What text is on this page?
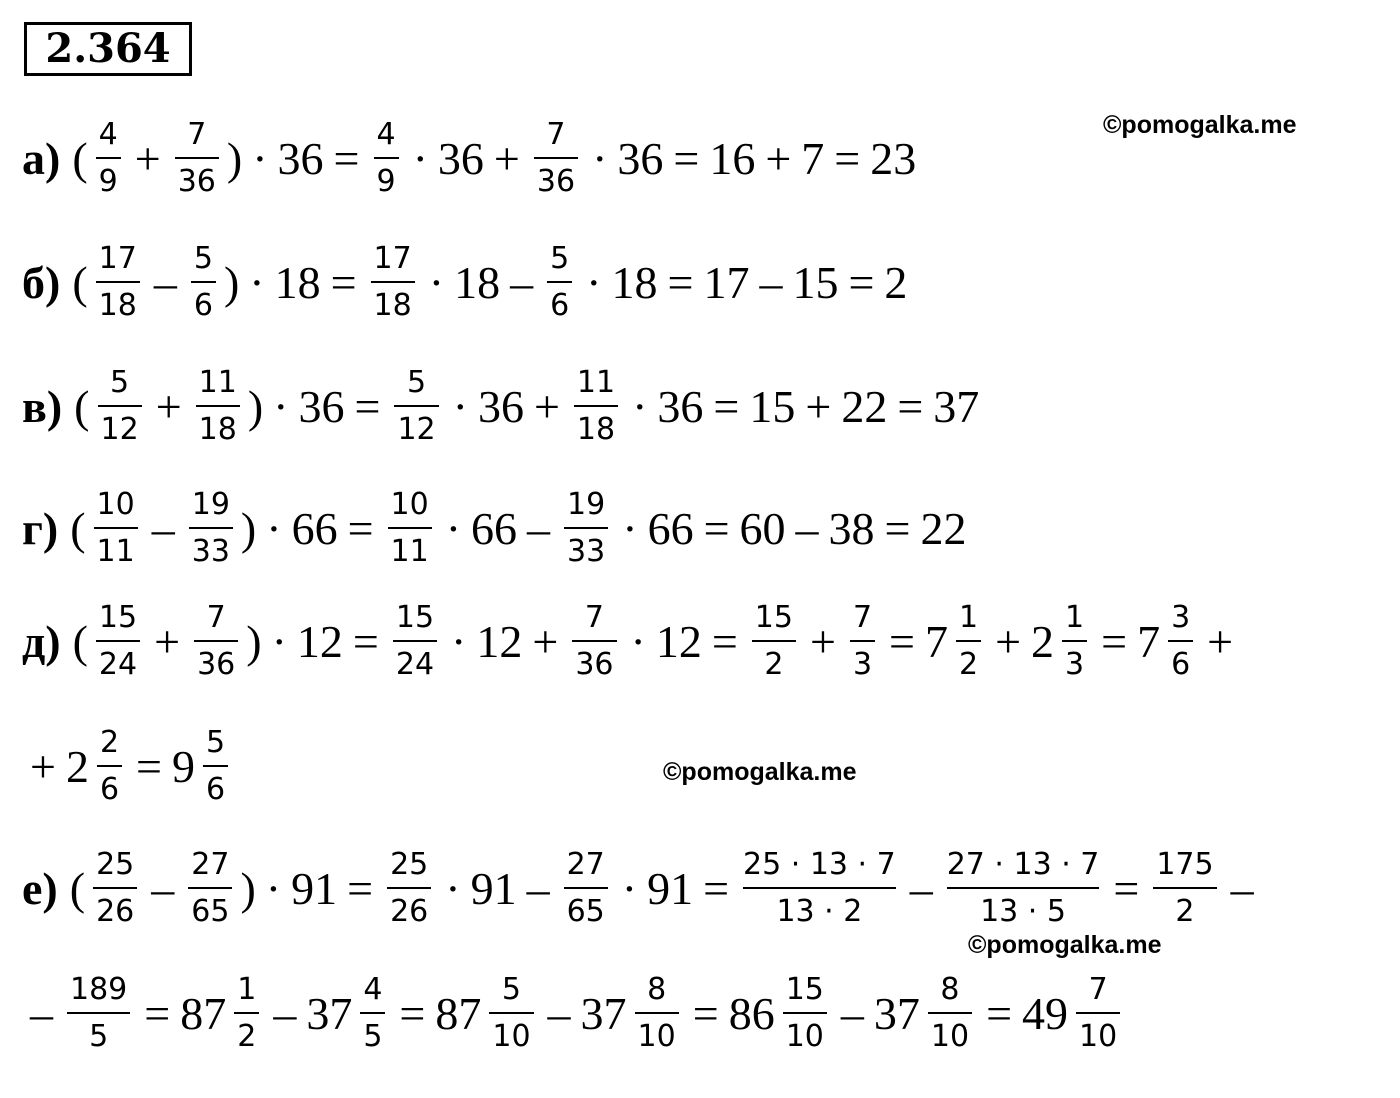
2.364
©pomogalka.me
©pomogalka.me
©pomogalka.me
а) ( $\frac{4}{9} + \frac{7}{36}$ ) · $36 = \frac{4}{9} \cdot 36 + \frac{7}{36} \cdot 36 = 16 + 7 = 23$
б) ( $\frac{17}{18} - \frac{5}{6}$ ) · $18 = \frac{17}{18} \cdot 18 - \frac{5}{6} \cdot 18 = 17 - 15 = 2$
в) ( $\frac{5}{12} + \frac{11}{18}$ ) · $36 = \frac{5}{12} \cdot 36 + \frac{11}{18} \cdot 36 = 15 + 22 = 37$
г) ( $\frac{10}{11} - \frac{19}{33}$ ) · $66 = \frac{10}{11} \cdot 66 - \frac{19}{33} \cdot 66 = 60 - 38 = 22$
д) ( $\frac{15}{24} + \frac{7}{36}$ ) · $12 = \frac{15}{24} \cdot 12 + \frac{7}{36} \cdot 12 = \frac{15}{2} + \frac{7}{3} = 7 \frac{1}{2} + 2 \frac{1}{3} = 7 \frac{3}{6}$ +
+ $2 \frac{2}{6} = 9 \frac{5}{6}$
е) ( $\frac{25}{26} - \frac{27}{65}$ ) · $91 = \frac{25}{26} \cdot 91 - \frac{27}{65} \cdot 91 = \frac{25 \cdot 13 \cdot 7}{13 \cdot 2} - \frac{27 \cdot 13 \cdot 7}{13 \cdot 5} = \frac{175}{2}$ –
– $\frac{189}{5} = 87 \frac{1}{2} - 37 \frac{4}{5} = 87 \frac{5}{10} - 37 \frac{8}{10} = 86 \frac{15}{10} - 37 \frac{8}{10} = 49 \frac{7}{10}$
